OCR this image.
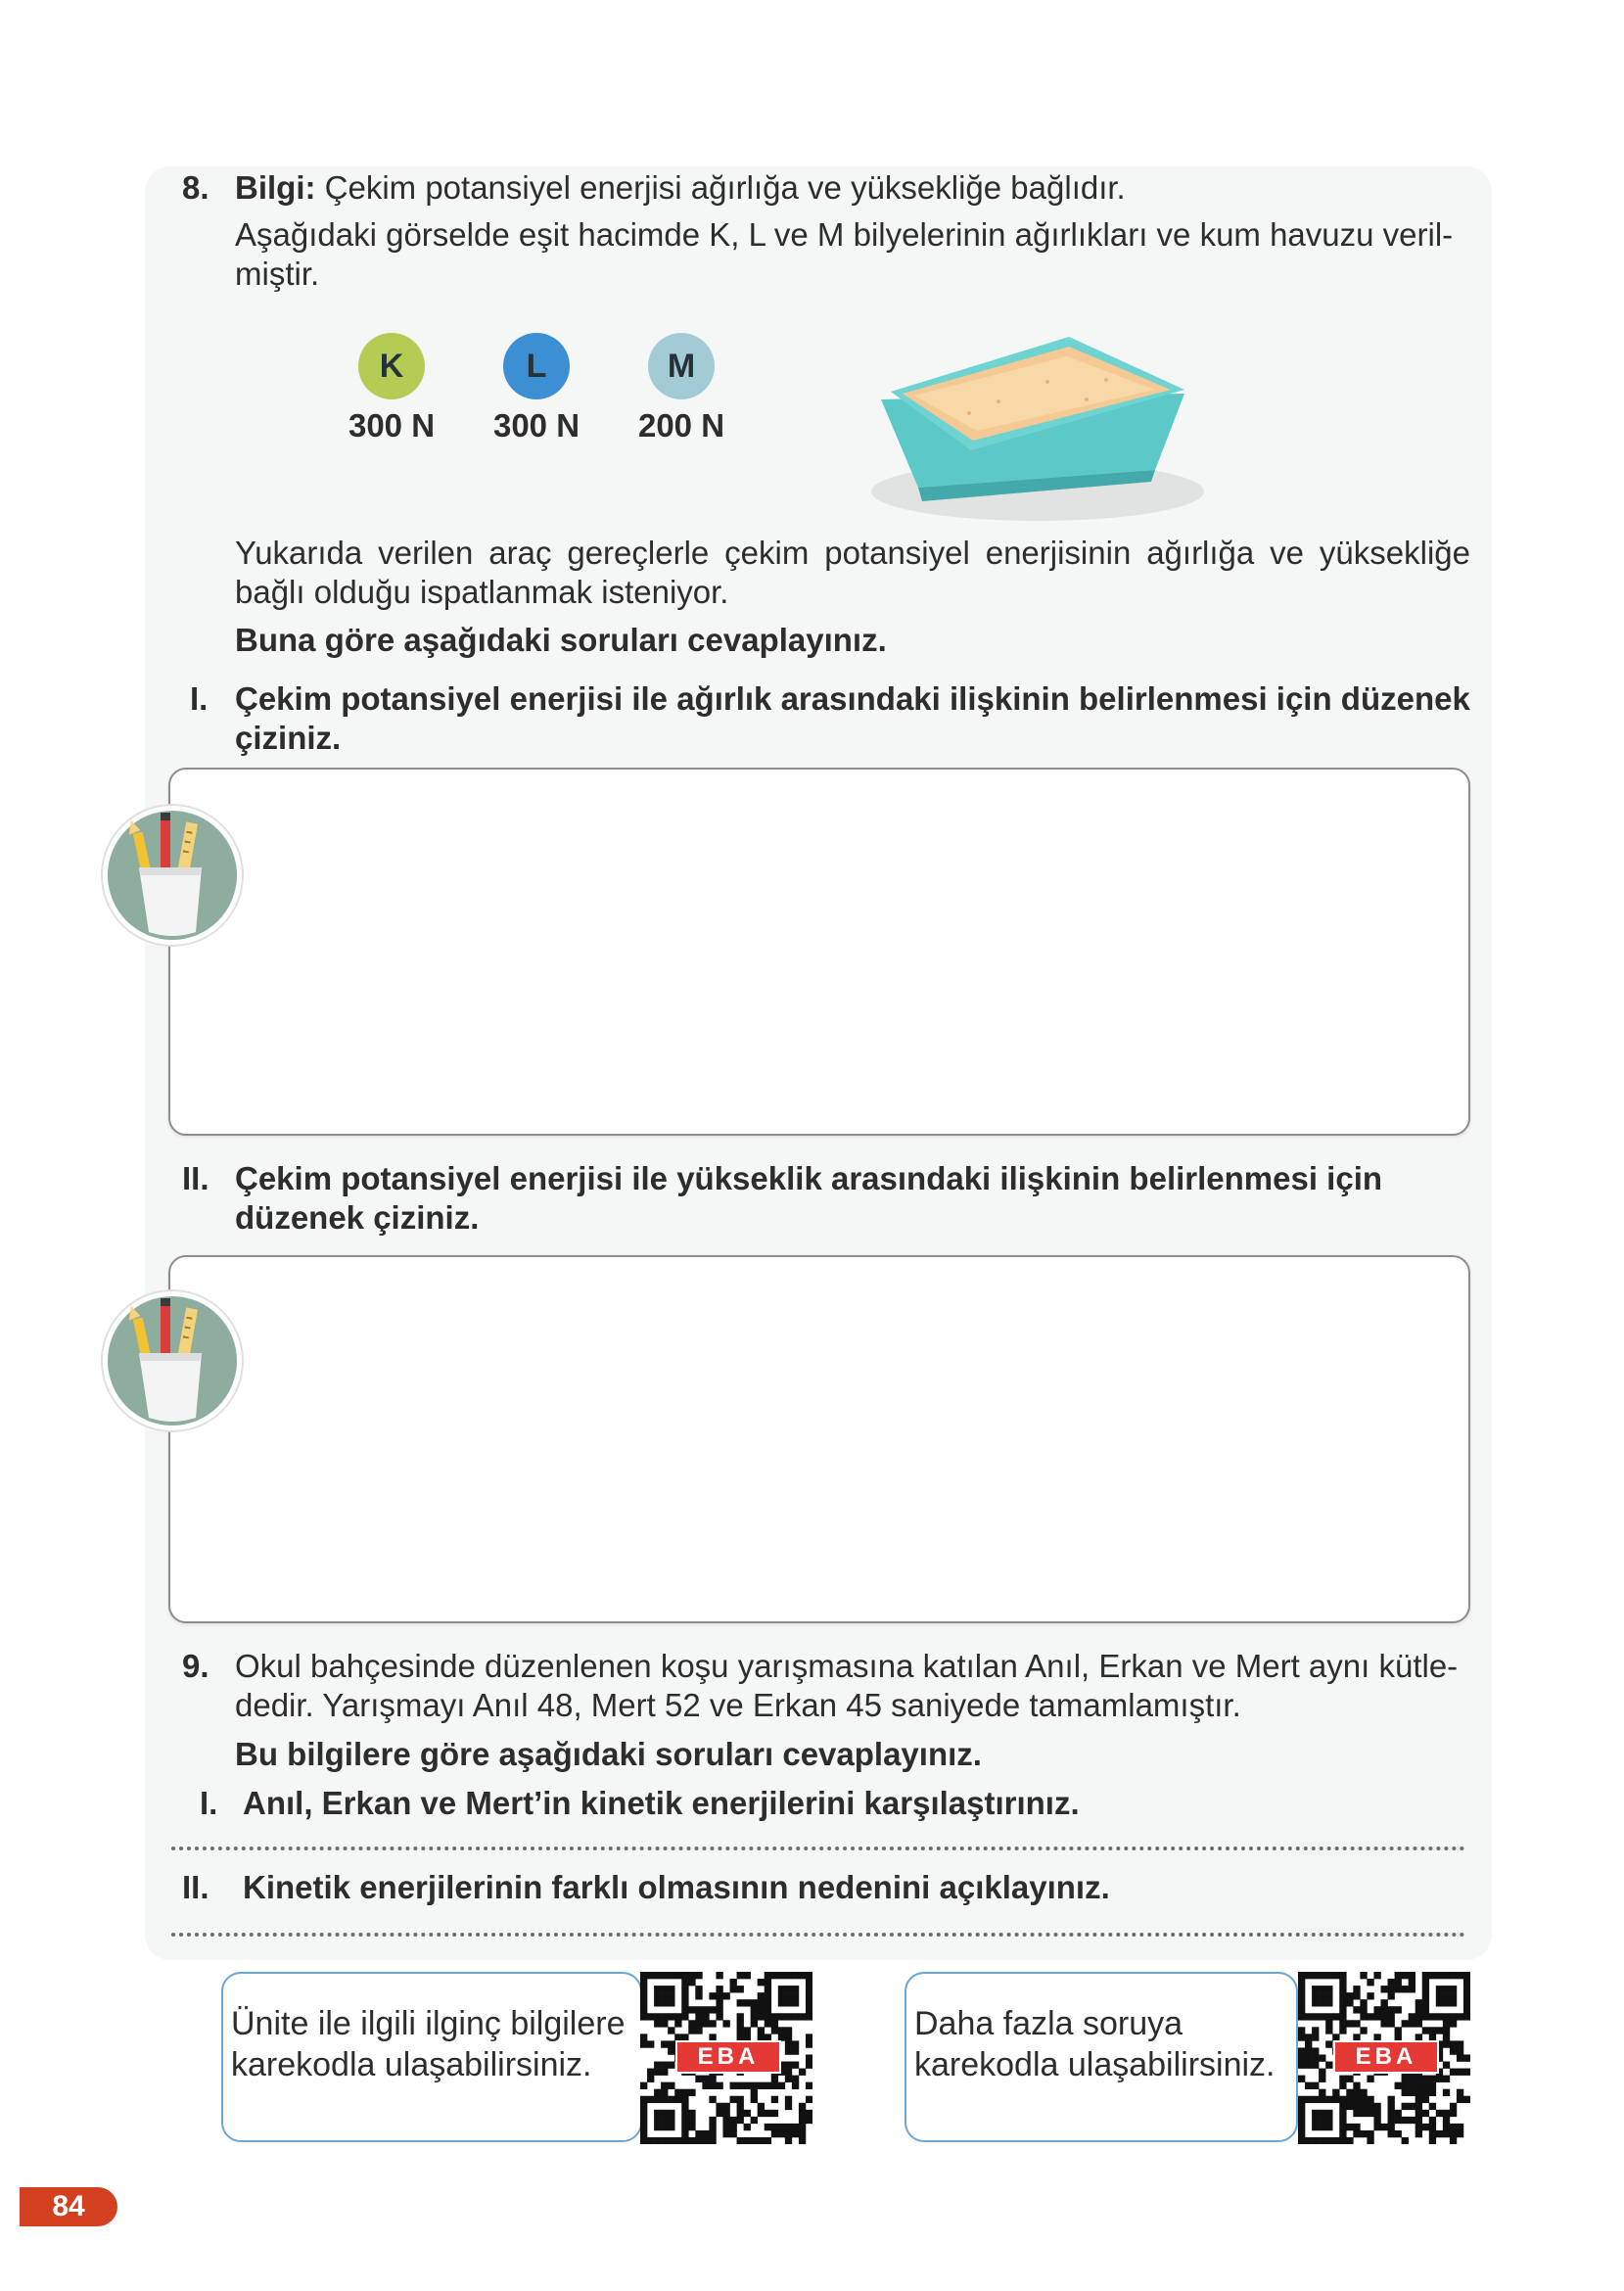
8. Bilgi: Çekim potansiyel enerjisi ağırlığa ve yüksekliğe bağlıdır.
Aşağıdaki görselde eşit hacimde K, L ve M bilyelerinin ağırlıkları ve kum havuzu veril-miştir.
K	L	M
300 N	300 N	200 N
Yukarıda verilen araç gereçlerle çekim potansiyel enerjisinin ağırlığa ve yüksekliğe bağlı olduğu ispatlanmak isteniyor.
Buna göre aşağıdaki soruları cevaplayınız.
I. Çekim potansiyel enerjisi ile ağırlık arasındaki ilişkinin belirlenmesi için düzenek çiziniz.
II. Çekim potansiyel enerjisi ile yükseklik arasındaki ilişkinin belirlenmesi için düzenek çiziniz.
9. Okul bahçesinde düzenlenen koşu yarışmasına katılan Anıl, Erkan ve Mert aynı kütle-dedir. Yarışmayı Anıl 48, Mert 52 ve Erkan 45 saniyede tamamlamıştır.
Bu bilgilere göre aşağıdaki soruları cevaplayınız.
I. Anıl, Erkan ve Mert’in kinetik enerjilerini karşılaştırınız.
II. Kinetik enerjilerinin farklı olmasının nedenini açıklayınız.
Ünite ile ilgili ilginç bilgilere karekodla ulaşabilirsiniz.	EBA
Daha fazla soruya karekodla ulaşabilirsiniz.	EBA
84
